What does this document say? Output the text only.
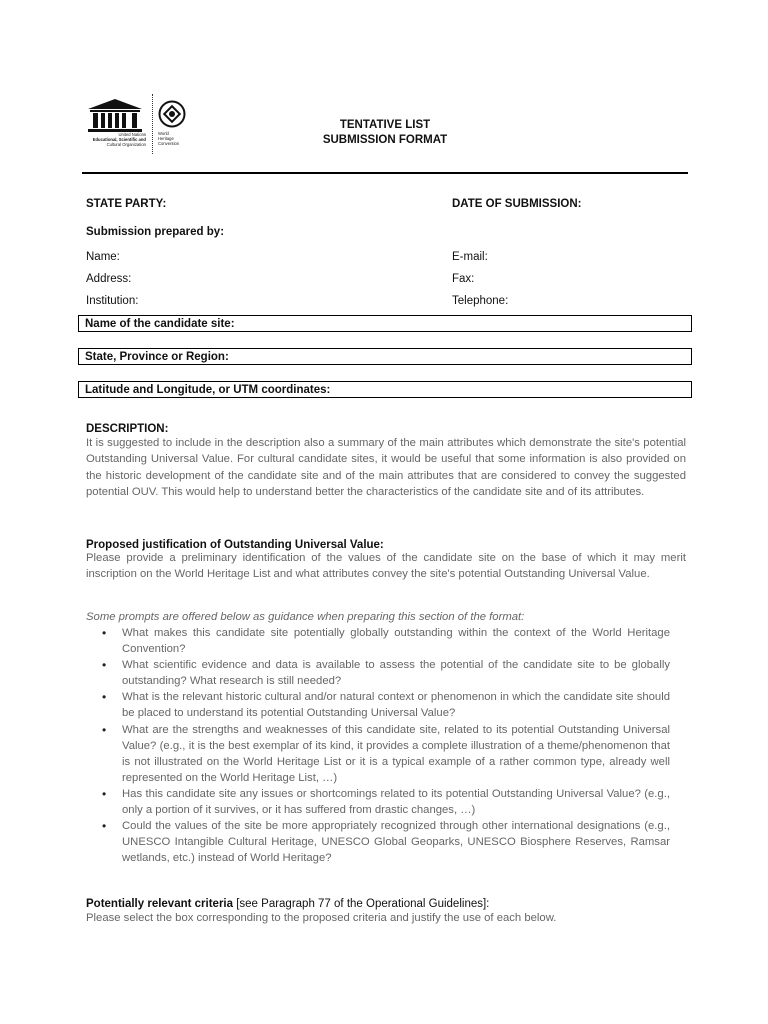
United Nations
Educational, Scientific and
Cultural Organization
World
Heritage
Convention
TENTATIVE LIST
SUBMISSION FORMAT
STATE PARTY:	DATE OF SUBMISSION:
Submission prepared by:
Name:	E-mail:
Address:	Fax:
Institution:	Telephone:
Name of the candidate site:
State, Province or Region:
Latitude and Longitude, or UTM coordinates:
DESCRIPTION:
It is suggested to include in the description also a summary of the main attributes which demonstrate the site's potential Outstanding Universal Value. For cultural candidate sites, it would be useful that some information is also provided on the historic development of the candidate site and of the main attributes that are considered to convey the suggested potential OUV. This would help to understand better the characteristics of the candidate site and of its attributes.
Proposed justification of Outstanding Universal Value:
Please provide a preliminary identification of the values of the candidate site on the base of which it may merit inscription on the World Heritage List and what attributes convey the site's potential Outstanding Universal Value.
Some prompts are offered below as guidance when preparing this section of the format:
• What makes this candidate site potentially globally outstanding within the context of the World Heritage Convention?
• What scientific evidence and data is available to assess the potential of the candidate site to be globally outstanding? What research is still needed?
• What is the relevant historic cultural and/or natural context or phenomenon in which the candidate site should be placed to understand its potential Outstanding Universal Value?
• What are the strengths and weaknesses of this candidate site, related to its potential Outstanding Universal Value? (e.g., it is the best exemplar of its kind, it provides a complete illustration of a theme/phenomenon that is not illustrated on the World Heritage List or it is a typical example of a rather common type, already well represented on the World Heritage List, …)
• Has this candidate site any issues or shortcomings related to its potential Outstanding Universal Value? (e.g., only a portion of it survives, or it has suffered from drastic changes, …)
• Could the values of the site be more appropriately recognized through other international designations (e.g., UNESCO Intangible Cultural Heritage, UNESCO Global Geoparks, UNESCO Biosphere Reserves, Ramsar wetlands, etc.) instead of World Heritage?
Potentially relevant criteria [see Paragraph 77 of the Operational Guidelines]:
Please select the box corresponding to the proposed criteria and justify the use of each below.
